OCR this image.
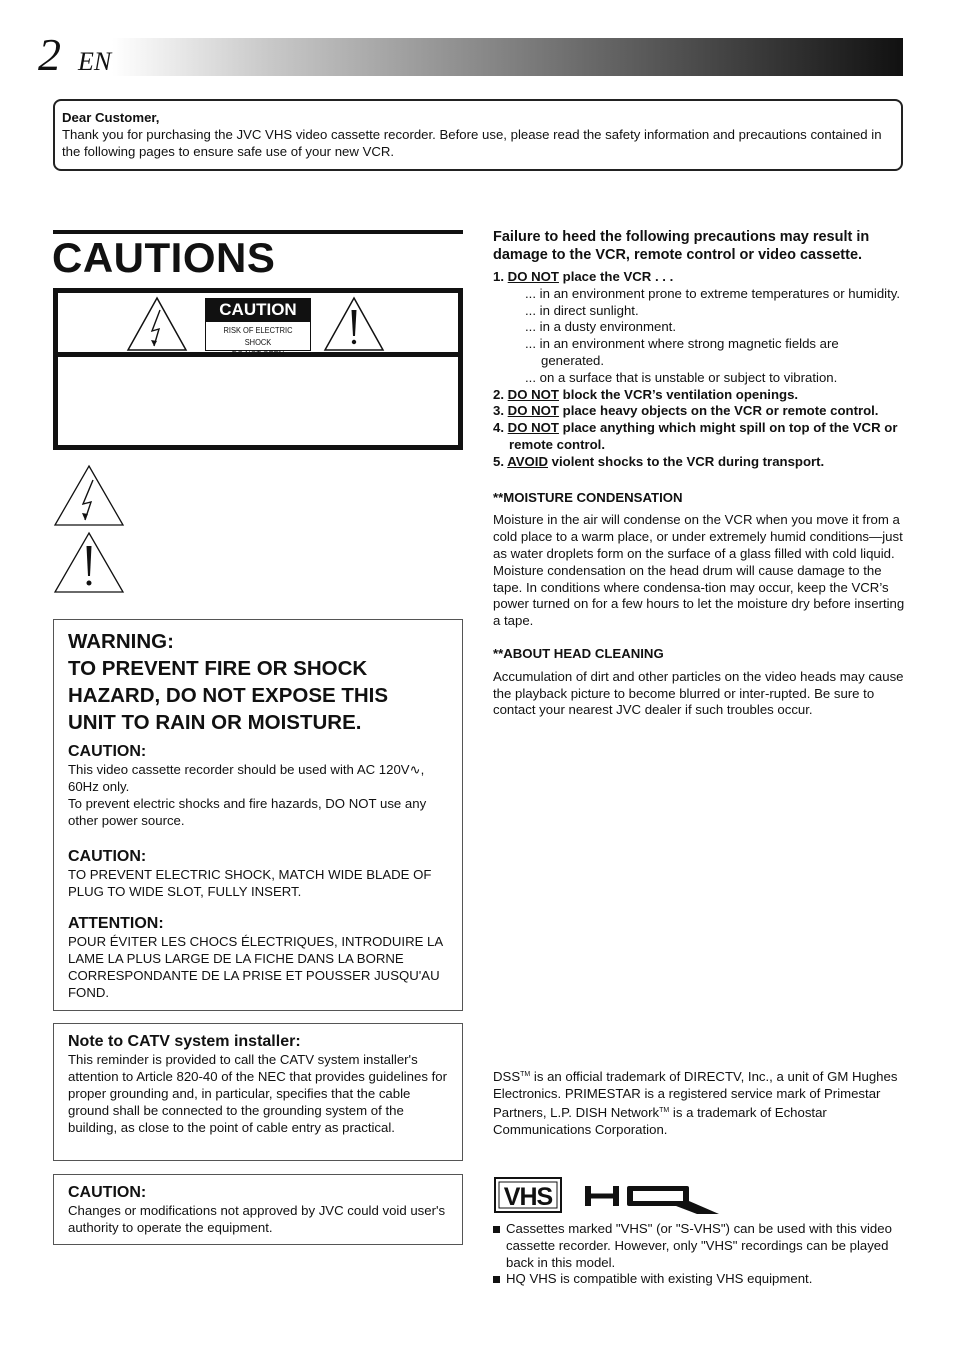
2 EN
Dear Customer,
Thank you for purchasing the JVC VHS video cassette recorder. Before use, please read the safety information and precautions contained in the following pages to ensure safe use of your new VCR.
CAUTIONS
CAUTION
RISK OF ELECTRIC SHOCK
DO NOT OPEN
WARNING:
TO PREVENT FIRE OR SHOCK
HAZARD, DO NOT EXPOSE THIS
UNIT TO RAIN OR MOISTURE.
CAUTION:
This video cassette recorder should be used with AC 120V∿, 60Hz only.
To prevent electric shocks and fire hazards, DO NOT use any other power source.
CAUTION:
TO PREVENT ELECTRIC SHOCK, MATCH WIDE BLADE OF PLUG TO WIDE SLOT, FULLY INSERT.
ATTENTION:
POUR ÉVITER LES CHOCS ÉLECTRIQUES, INTRODUIRE LA LAME LA PLUS LARGE DE LA FICHE DANS LA BORNE CORRESPONDANTE DE LA PRISE ET POUSSER JUSQU'AU FOND.
Note to CATV system installer:
This reminder is provided to call the CATV system installer's attention to Article 820-40 of the NEC that provides guidelines for proper grounding and, in particular, specifies that the cable ground shall be connected to the grounding system of the building, as close to the point of cable entry as practical.
CAUTION:
Changes or modifications not approved by JVC could void user's authority to operate the equipment.
Failure to heed the following precautions may result in damage to the VCR, remote control or video cassette.
1. DO NOT place the VCR . . .
... in an environment prone to extreme temperatures or humidity.
... in direct sunlight.
... in a dusty environment.
... in an environment where strong magnetic fields are generated.
... on a surface that is unstable or subject to vibration.
2. DO NOT block the VCR’s ventilation openings.
3. DO NOT place heavy objects on the VCR or remote control.
4. DO NOT place anything which might spill on top of the VCR or remote control.
5. AVOID violent shocks to the VCR during transport.
**MOISTURE CONDENSATION
Moisture in the air will condense on the VCR when you move it from a cold place to a warm place, or under extremely humid conditions—just as water droplets form on the surface of a glass filled with cold liquid. Moisture condensation on the head drum will cause damage to the tape. In conditions where condensa-tion may occur, keep the VCR’s power turned on for a few hours to let the moisture dry before inserting a tape.
**ABOUT HEAD CLEANING
Accumulation of dirt and other particles on the video heads may cause the playback picture to become blurred or inter-rupted. Be sure to contact your nearest JVC dealer if such troubles occur.
DSS™ is an official trademark of DIRECTV, Inc., a unit of GM Hughes Electronics. PRIMESTAR is a registered service mark of Primestar Partners, L.P. DISH Network™ is a trademark of Echostar Communications Corporation.
VHS
HQ
Cassettes marked "VHS" (or "S-VHS") can be used with this video cassette recorder. However, only "VHS" recordings can be played back in this model.
HQ VHS is compatible with existing VHS equipment.
